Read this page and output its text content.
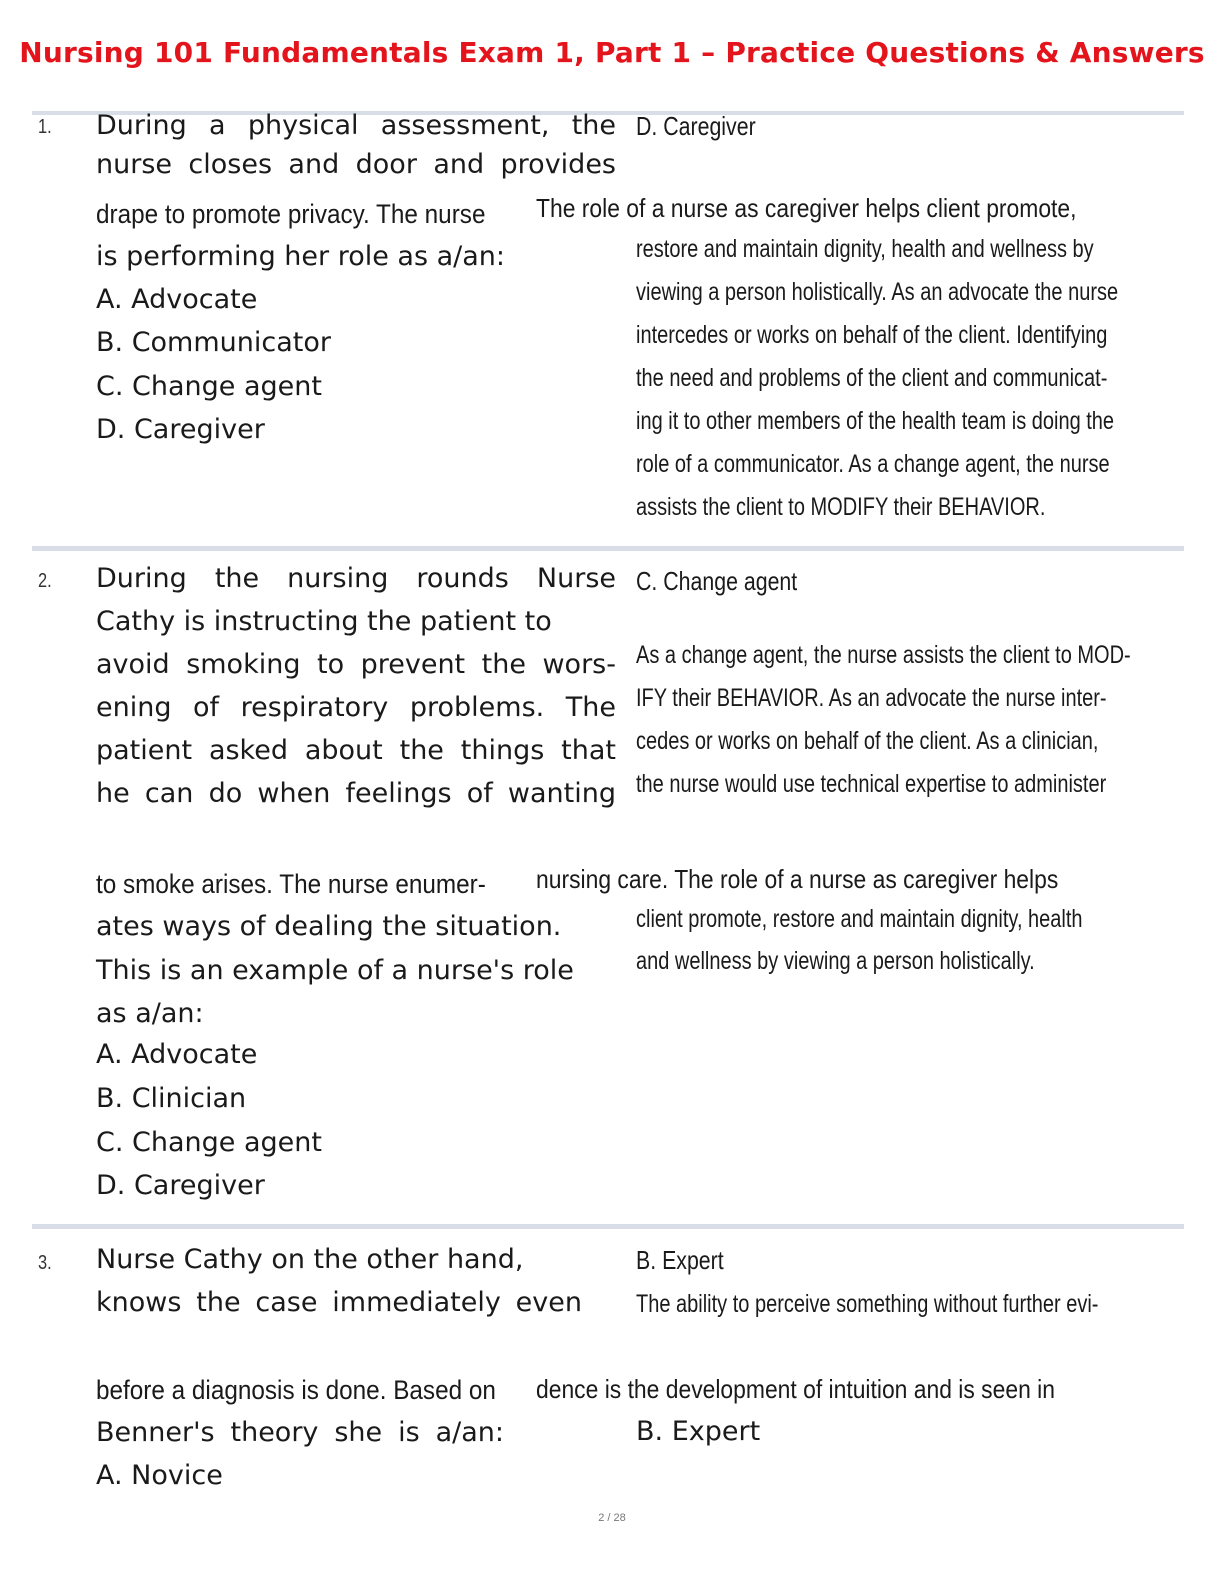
Nursing 101 Fundamentals Exam 1, Part 1 – Practice Questions & Answers
1. During a physical assessment, the
nurse closes and door and provides
drape to promote privacy. The nurse
is performing her role as a/an:
A. Advocate
B. Communicator
C. Change agent
D. Caregiver
D. Caregiver
The role of a nurse as caregiver helps client promote,
restore and maintain dignity, health and wellness by
viewing a person holistically. As an advocate the nurse
intercedes or works on behalf of the client. Identifying
the need and problems of the client and communicat-
ing it to other members of the health team is doing the
role of a communicator. As a change agent, the nurse
assists the client to MODIFY their BEHAVIOR.
2. During the nursing rounds Nurse
Cathy is instructing the patient to
avoid smoking to prevent the wors-
ening of respiratory problems. The
patient asked about the things that
he can do when feelings of wanting
to smoke arises. The nurse enumer-
ates ways of dealing the situation.
This is an example of a nurse's role
as a/an:
A. Advocate
B. Clinician
C. Change agent
D. Caregiver
C. Change agent
As a change agent, the nurse assists the client to MOD-
IFY their BEHAVIOR. As an advocate the nurse inter-
cedes or works on behalf of the client. As a clinician,
the nurse would use technical expertise to administer
nursing care. The role of a nurse as caregiver helps
client promote, restore and maintain dignity, health
and wellness by viewing a person holistically.
3. Nurse Cathy on the other hand,
knows the case immediately even
before a diagnosis is done. Based on
Benner's theory she is a/an:
A. Novice
B. Expert
The ability to perceive something without further evi-
dence is the development of intuition and is seen in
B. Expert
2 / 28
